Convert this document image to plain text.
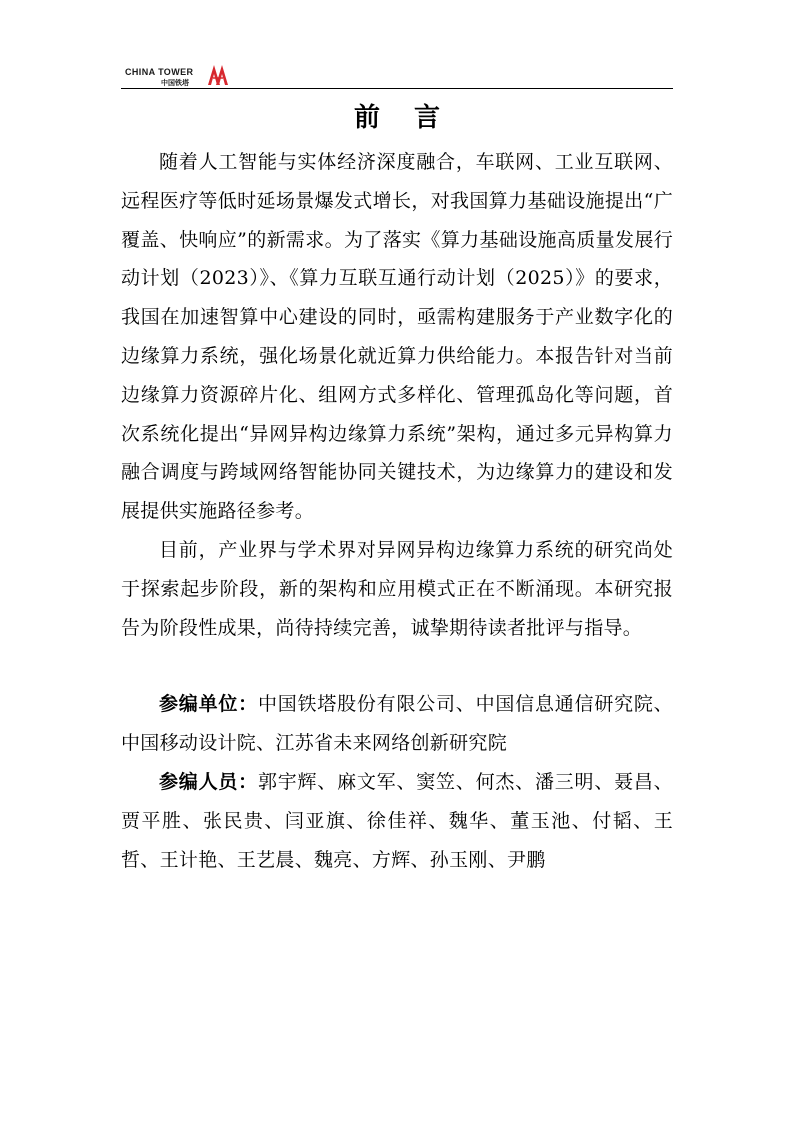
CHINA TOWER
中国铁塔
前言

随着人工智能与实体经济深度融合，车联网、工业互联网、远程医疗等低时延场景爆发式增长，对我国算力基础设施提出“广覆盖、快响应”的新需求。为了落实《算力基础设施高质量发展行动计划（2023）》、《算力互联互通行动计划（2025）》的要求，我国在加速智算中心建设的同时，亟需构建服务于产业数字化的边缘算力系统，强化场景化就近算力供给能力。本报告针对当前边缘算力资源碎片化、组网方式多样化、管理孤岛化等问题，首次系统化提出“异网异构边缘算力系统”架构，通过多元异构算力融合调度与跨域网络智能协同关键技术，为边缘算力的建设和发展提供实施路径参考。

目前，产业界与学术界对异网异构边缘算力系统的研究尚处于探索起步阶段，新的架构和应用模式正在不断涌现。本研究报告为阶段性成果，尚待持续完善，诚挚期待读者批评与指导。

参编单位：中国铁塔股份有限公司、中国信息通信研究院、中国移动设计院、江苏省未来网络创新研究院

参编人员：郭宇辉、麻文军、窦笠、何杰、潘三明、聂昌、贾平胜、张民贵、闫亚旗、徐佳祥、魏华、董玉池、付韬、王哲、王计艳、王艺晨、魏亮、方辉、孙玉刚、尹鹏
